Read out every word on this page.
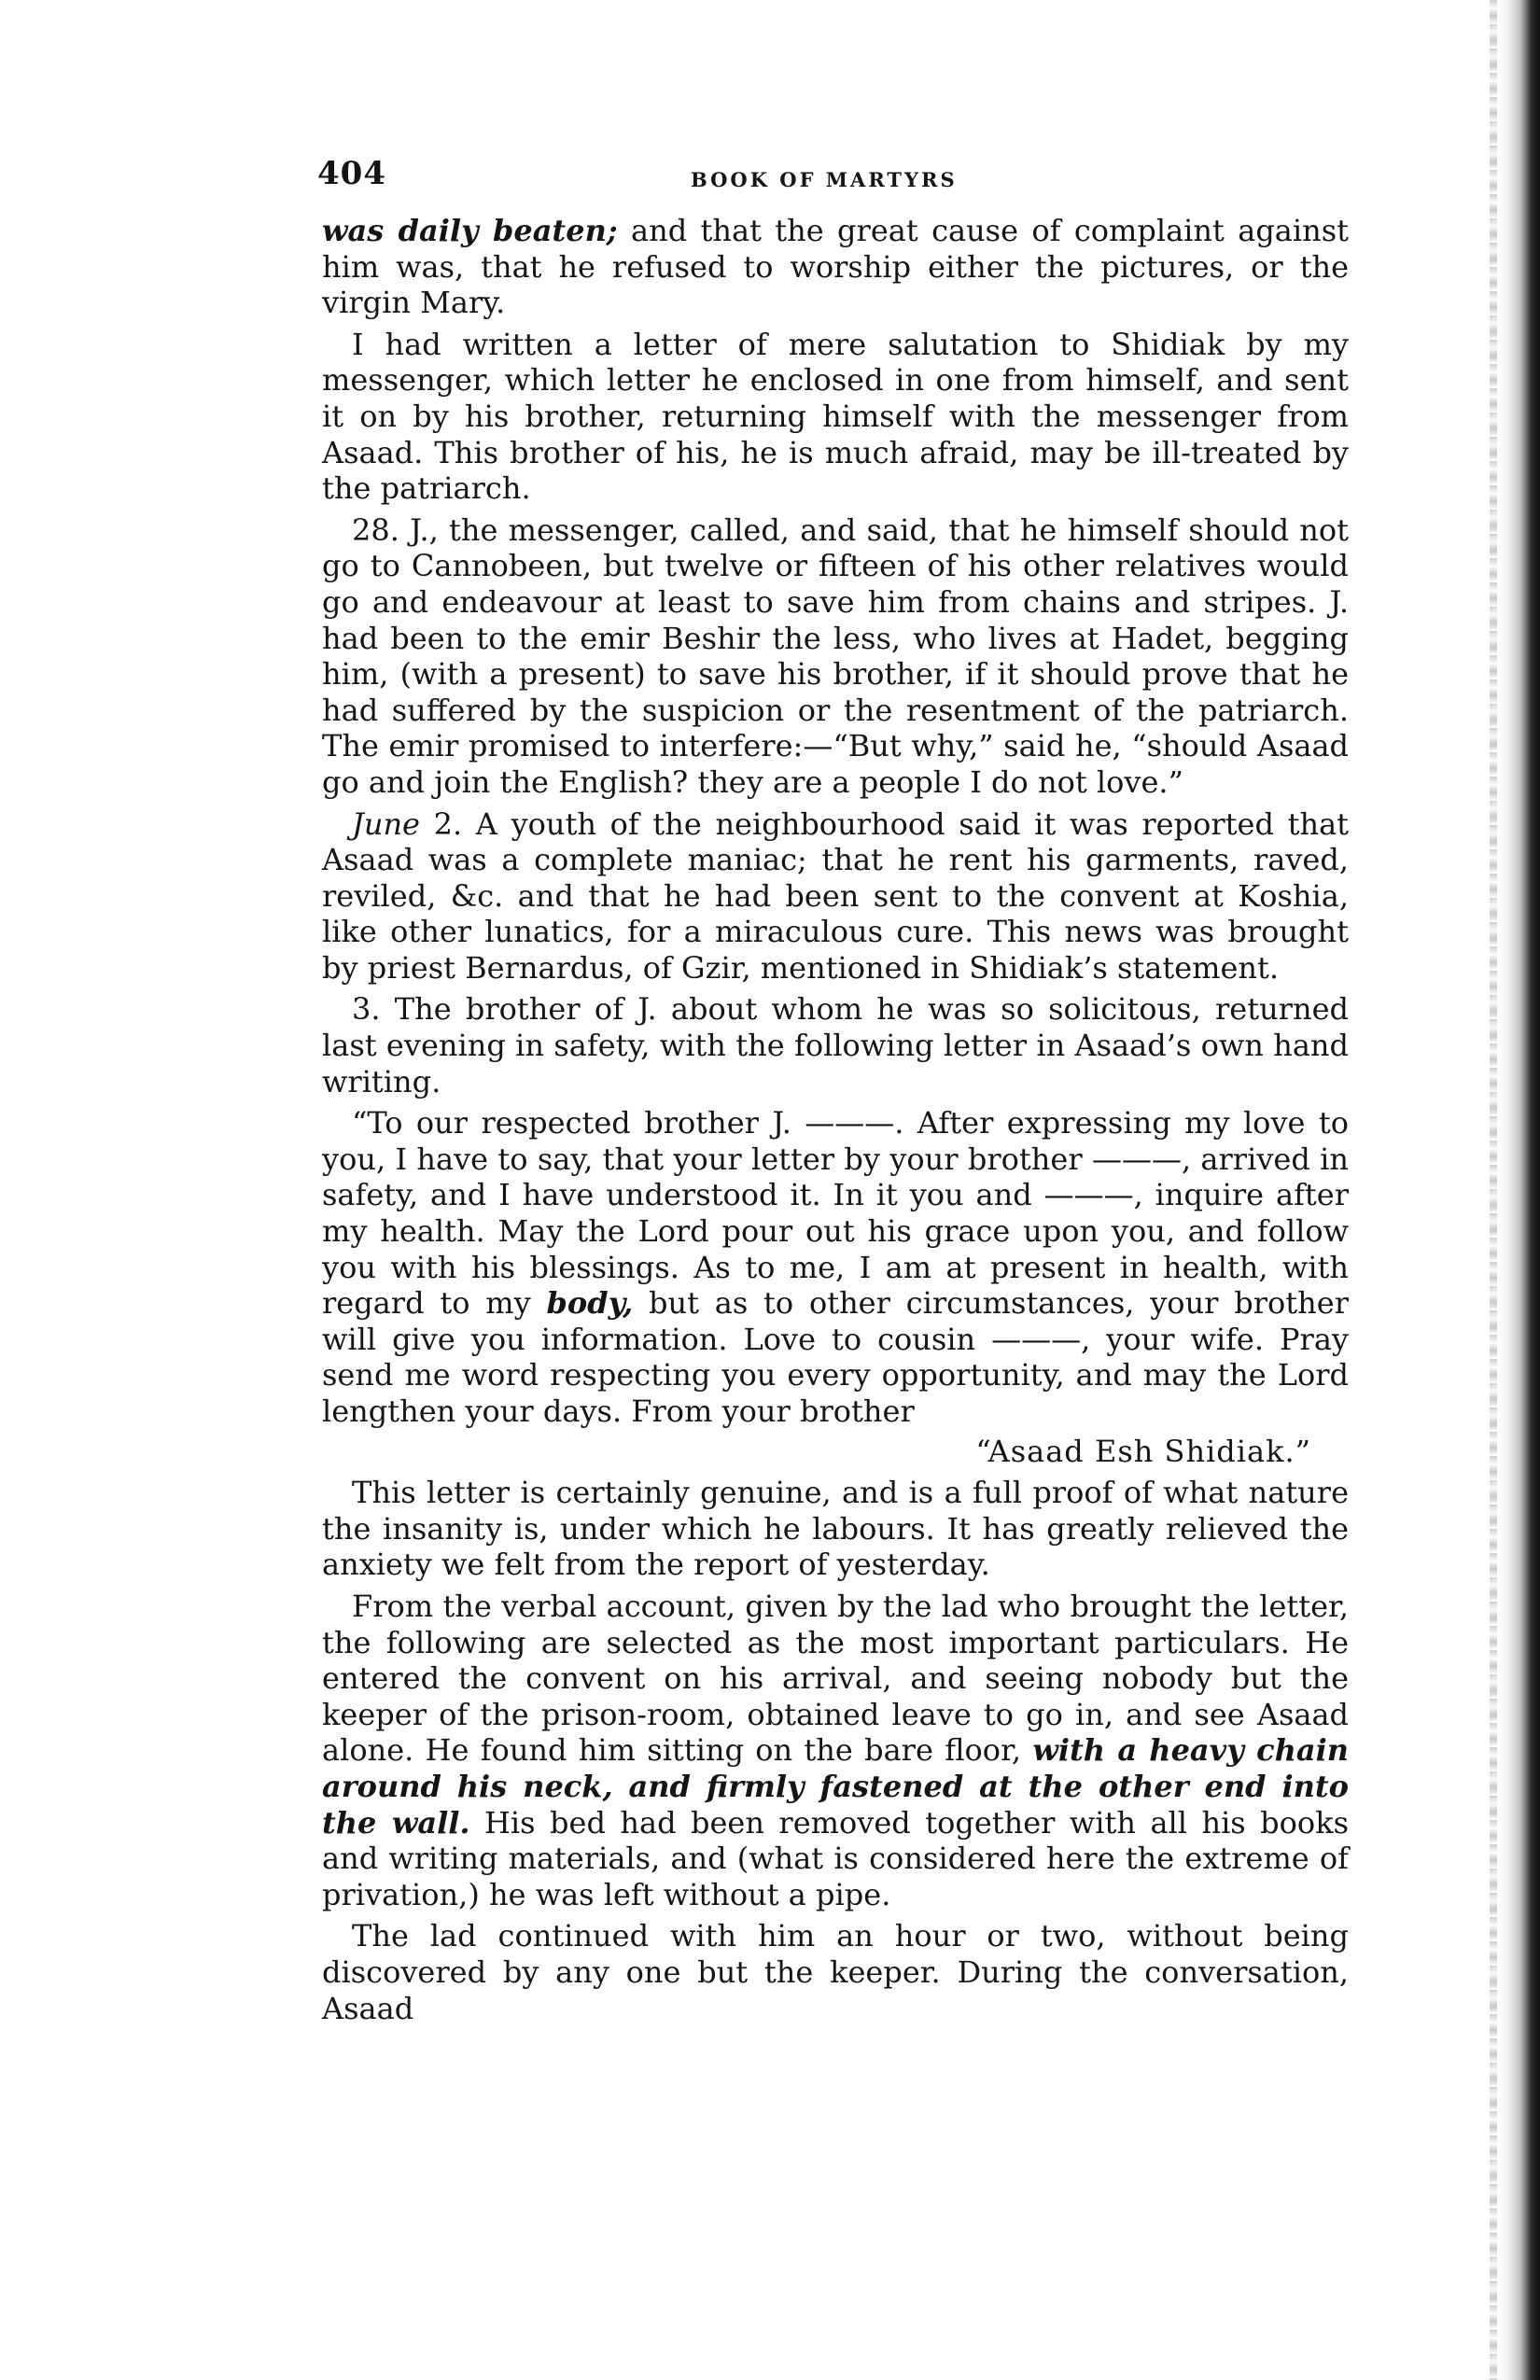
404	BOOK OF MARTYRS

was daily beaten; and that the great cause of complaint against him was, that he refused to worship either the pictures, or the virgin Mary.

I had written a letter of mere salutation to Shidiak by my messenger, which letter he enclosed in one from himself, and sent it on by his brother, returning himself with the messenger from Asaad. This brother of his, he is much afraid, may be ill-treated by the patriarch.

28. J., the messenger, called, and said, that he himself should not go to Cannobeen, but twelve or fifteen of his other relatives would go and endeavour at least to save him from chains and stripes. J. had been to the emir Beshir the less, who lives at Hadet, begging him, (with a present) to save his brother, if it should prove that he had suffered by the suspicion or the resentment of the patriarch. The emir promised to interfere:—“But why,” said he, “should Asaad go and join the English? they are a people I do not love.”

June 2. A youth of the neighbourhood said it was reported that Asaad was a complete maniac; that he rent his garments, raved, reviled, &c. and that he had been sent to the convent at Koshia, like other lunatics, for a miraculous cure. This news was brought by priest Bernardus, of Gzir, mentioned in Shidiak’s statement.

3. The brother of J. about whom he was so solicitous, returned last evening in safety, with the following letter in Asaad’s own hand writing.

“To our respected brother J. ———. After expressing my love to you, I have to say, that your letter by your brother ———, arrived in safety, and I have understood it. In it you and ———, inquire after my health. May the Lord pour out his grace upon you, and follow you with his blessings. As to me, I am at present in health, with regard to my body, but as to other circumstances, your brother will give you information. Love to cousin ———, your wife. Pray send me word respecting you every opportunity, and may the Lord lengthen your days. From your brother

“Asaad Esh Shidiak.”

This letter is certainly genuine, and is a full proof of what nature the insanity is, under which he labours. It has greatly relieved the anxiety we felt from the report of yesterday.

From the verbal account, given by the lad who brought the letter, the following are selected as the most important particulars. He entered the convent on his arrival, and seeing nobody but the keeper of the prison-room, obtained leave to go in, and see Asaad alone. He found him sitting on the bare floor, with a heavy chain around his neck, and firmly fastened at the other end into the wall. His bed had been removed together with all his books and writing materials, and (what is considered here the extreme of privation,) he was left without a pipe.

The lad continued with him an hour or two, without being discovered by any one but the keeper. During the conversation, Asaad
